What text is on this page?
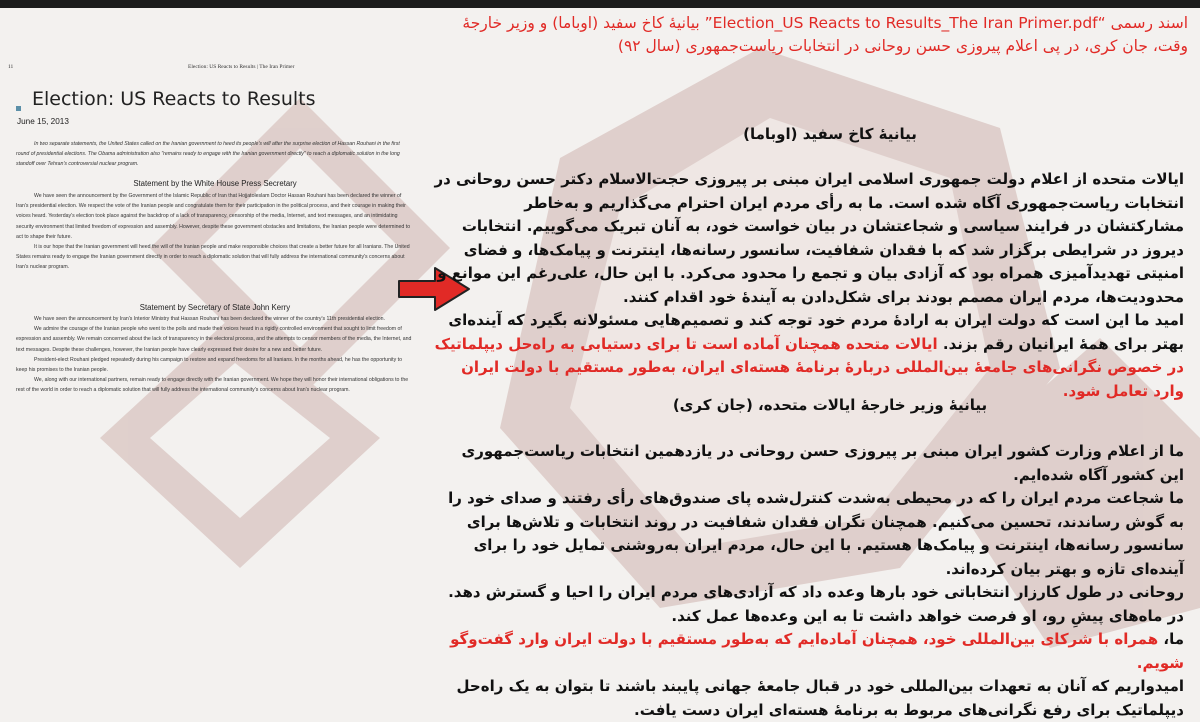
11	Election: US Reacts to Results | The Iran Primer
Election: US Reacts to Results
June 15, 2013

In two separate statements, the United States called on the Iranian government to heed its people's will after the surprise election of Hassan Rouhani in the first round of presidential elections. The Obama administration also "remains ready to engage with the Iranian government directly" to reach a diplomatic solution in the long standoff over Tehran's controversial nuclear program.

Statement by the White House Press Secretary

We have seen the announcement by the Government of the Islamic Republic of Iran that Hojjatoleslam Doctor Hassan Rouhani has been declared the winner of Iran's presidential election. We respect the vote of the Iranian people and congratulate them for their participation in the political process, and their courage in making their voices heard. Yesterday's election took place against the backdrop of a lack of transparency, censorship of the media, Internet, and text messages, and an intimidating security environment that limited freedom of expression and assembly. However, despite these government obstacles and limitations, the Iranian people were determined to act to shape their future.

It is our hope that the Iranian government will heed the will of the Iranian people and make responsible choices that create a better future for all Iranians. The United States remains ready to engage the Iranian government directly in order to reach a diplomatic solution that will fully address the international community's concerns about Iran's nuclear program.

Statement by Secretary of State John Kerry

We have seen the announcement by Iran's Interior Ministry that Hassan Rouhani has been declared the winner of the country's 11th presidential election.

We admire the courage of the Iranian people who went to the polls and made their voices heard in a rigidly controlled environment that sought to limit freedom of expression and assembly. We remain concerned about the lack of transparency in the electoral process, and the attempts to censor members of the media, the Internet, and text messages. Despite these challenges, however, the Iranian people have clearly expressed their desire for a new and better future.

President-elect Rouhani pledged repeatedly during his campaign to restore and expand freedoms for all Iranians. In the months ahead, he has the opportunity to keep his promises to the Iranian people.

We, along with our international partners, remain ready to engage directly with the Iranian government. We hope they will honor their international obligations to the rest of the world in order to reach a diplomatic solution that will fully address the international community's concerns about Iran's nuclear program.

اسند رسمی “Election_US Reacts to Results_The Iran Primer.pdf” بیانیهٔ کاخ سفید (اوباما) و وزیر خارجهٔ وقت، جان کری، در پی اعلام پیروزی حسن روحانی در انتخابات ریاست‌جمهوری (سال ۹۲)
بیانیهٔ کاخ سفید (اوباما)

ایالات متحده از اعلام دولت جمهوری اسلامی ایران مبنی بر پیروزی حجت‌الاسلام دکتر حسن روحانی در انتخابات ریاست‌جمهوری آگاه شده است. ما به رأی مردم ایران احترام می‌گذاریم و به‌خاطر مشارکتشان در فرایند سیاسی و شجاعتشان در بیان خواست خود، به آنان تبریک می‌گوییم. انتخابات دیروز در شرایطی برگزار شد که با فقدان شفافیت، سانسور رسانه‌ها، اینترنت و پیامک‌ها، و فضای امنیتی تهدیدآمیزی همراه بود که آزادی بیان و تجمع را محدود می‌کرد. با این حال، علی‌رغم این موانع و محدودیت‌ها، مردم ایران مصمم بودند برای شکل‌دادن به آیندهٔ خود اقدام کنند.

امید ما این است که دولت ایران به ارادهٔ مردم خود توجه کند و تصمیم‌هایی مسئولانه بگیرد که آینده‌ای بهتر برای همهٔ ایرانیان رقم بزند. ایالات متحده همچنان آماده است تا برای دستیابی به راه‌حل دیپلماتیک در خصوص نگرانی‌های جامعهٔ بین‌المللی دربارهٔ برنامهٔ هسته‌ای ایران، به‌طور مستقیم با دولت ایران وارد تعامل شود.

بیانیهٔ وزیر خارجهٔ ایالات متحده، (جان کری)

ما از اعلام وزارت کشور ایران مبنی بر پیروزی حسن روحانی در یازدهمین انتخابات ریاست‌جمهوری این کشور آگاه شده‌ایم.

ما شجاعت مردم ایران را که در محیطی به‌شدت کنترل‌شده پای صندوق‌های رأی رفتند و صدای خود را به گوش رساندند، تحسین می‌کنیم. همچنان نگران فقدان شفافیت در روند انتخابات و تلاش‌ها برای سانسور رسانه‌ها، اینترنت و پیامک‌ها هستیم. با این حال، مردم ایران به‌روشنی تمایل خود را برای آینده‌ای تازه و بهتر بیان کرده‌اند.

روحانی در طول کارزار انتخاباتی خود بارها وعده داد که آزادی‌های مردم ایران را احیا و گسترش دهد. در ماه‌های پیشِ رو، او فرصت خواهد داشت تا به این وعده‌ها عمل کند.

ما، همراه با شرکای بین‌المللی خود، همچنان آماده‌ایم که به‌طور مستقیم با دولت ایران وارد گفت‌وگو شویم.

امیدواریم که آنان به تعهدات بین‌المللی خود در قبال جامعهٔ جهانی پایبند باشند تا بتوان به یک راه‌حل دیپلماتیک برای رفع نگرانی‌های مربوط به برنامهٔ هسته‌ای ایران دست یافت.
